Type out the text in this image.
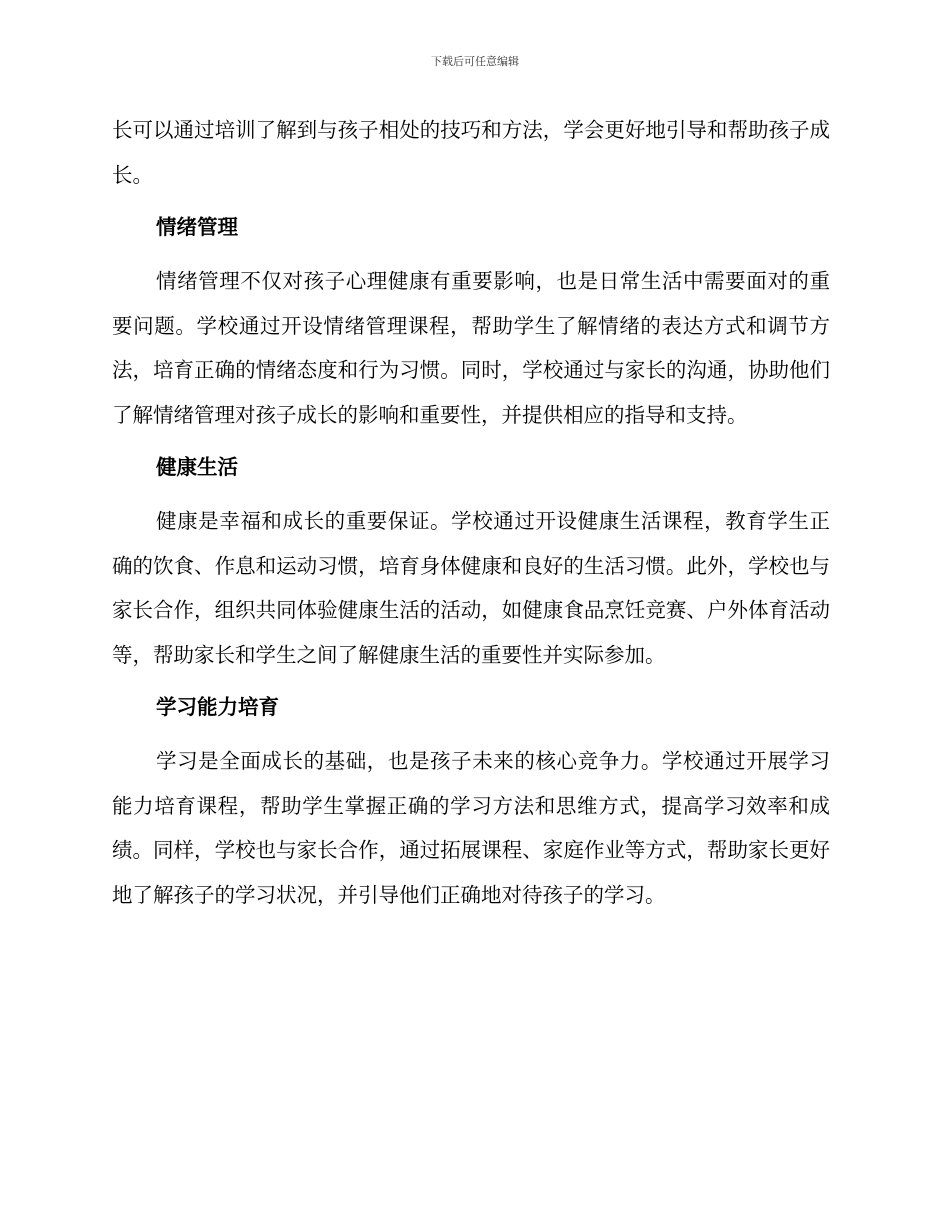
下载后可任意编辑

长可以通过培训了解到与孩子相处的技巧和方法，学会更好地引导和帮助孩子成长。

情绪管理

情绪管理不仅对孩子心理健康有重要影响，也是日常生活中需要面对的重要问题。学校通过开设情绪管理课程，帮助学生了解情绪的表达方式和调节方法，培育正确的情绪态度和行为习惯。同时，学校通过与家长的沟通，协助他们了解情绪管理对孩子成长的影响和重要性，并提供相应的指导和支持。

健康生活

健康是幸福和成长的重要保证。学校通过开设健康生活课程，教育学生正确的饮食、作息和运动习惯，培育身体健康和良好的生活习惯。此外，学校也与家长合作，组织共同体验健康生活的活动，如健康食品烹饪竞赛、户外体育活动等，帮助家长和学生之间了解健康生活的重要性并实际参加。

学习能力培育

学习是全面成长的基础，也是孩子未来的核心竞争力。学校通过开展学习能力培育课程，帮助学生掌握正确的学习方法和思维方式，提高学习效率和成绩。同样，学校也与家长合作，通过拓展课程、家庭作业等方式，帮助家长更好地了解孩子的学习状况，并引导他们正确地对待孩子的学习。
